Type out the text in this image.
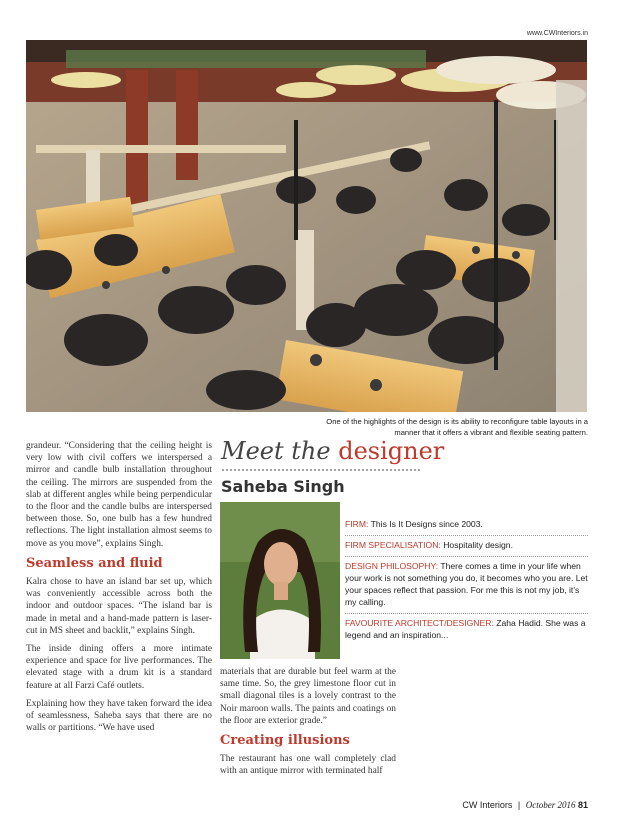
www.CWInteriors.in
One of the highlights of the design is its ability to reconfigure table layouts in a manner that it offers a vibrant and flexible seating pattern.

grandeur. “Considering that the ceiling height is very low with civil coffers we interspersed a mirror and candle bulb installation throughout the ceiling. The mirrors are suspended from the slab at different angles while being perpendicular to the floor and the candle bulbs are interspersed between those. So, one bulb has a few hundred reflections. The light installation almost seems to move as you move”, explains Singh.

Seamless and fluid

Kalra chose to have an island bar set up, which was conveniently accessible across both the indoor and outdoor spaces. “The island bar is made in metal and a hand-made pattern is laser-cut in MS sheet and backlit,” explains Singh.

The inside dining offers a more intimate experience and space for live performances. The elevated stage with a drum kit is a standard feature at all Farzi Café outlets.

Explaining how they have taken forward the idea of seamlessness, Saheba says that there are no walls or partitions. “We have used

Meet the designer
Saheba Singh
FIRM: This Is It Designs since 2003.
FIRM SPECIALISATION: Hospitality design.
DESIGN PHILOSOPHY: There comes a time in your life when your work is not something you do, it becomes who you are. Let your spaces reflect that passion. For me this is not my job, it’s my calling.
FAVOURITE ARCHITECT/DESIGNER: Zaha Hadid. She was a legend and an inspiration...

materials that are durable but feel warm at the same time. So, the grey limestone floor cut in small diagonal tiles is a lovely contrast to the Noir maroon walls. The paints and coatings on the floor are exterior grade.”

Creating illusions

The restaurant has one wall completely clad with an antique mirror with terminated half

CW Interiors | October 2016 81
